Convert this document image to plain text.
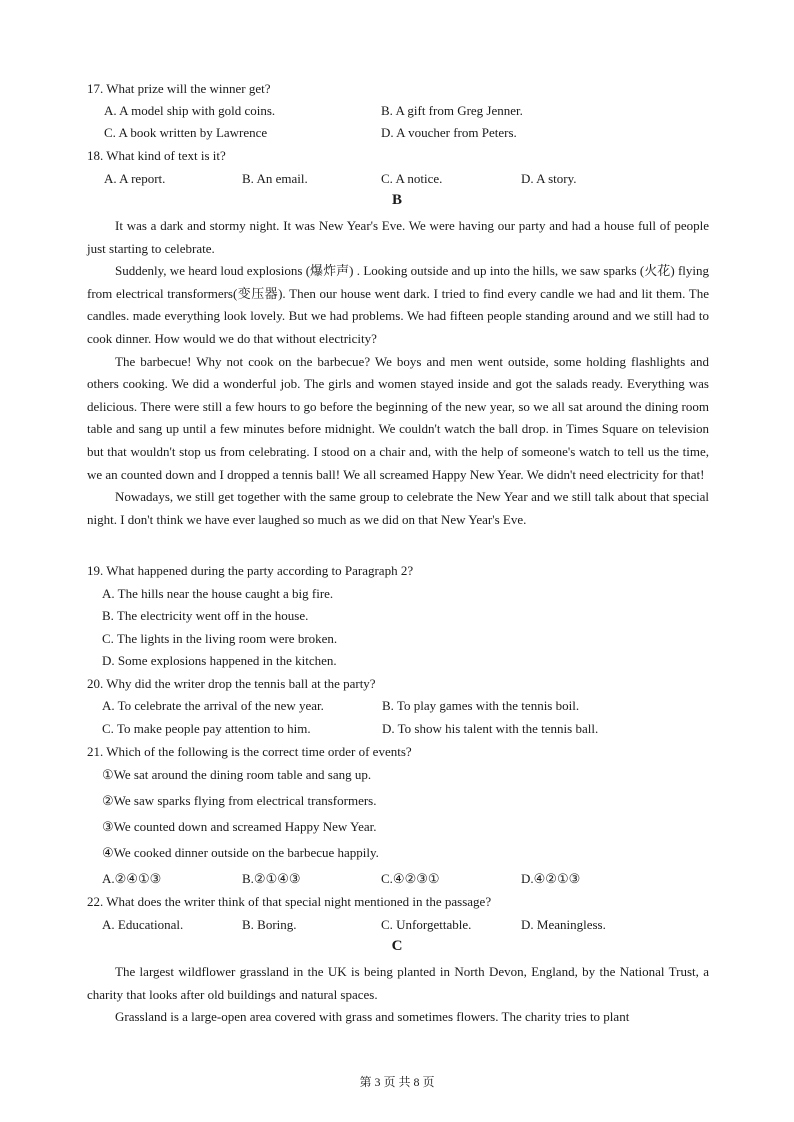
17. What prize will the winner get?
A. A model ship with gold coins.	B. A gift from Greg Jenner.
C. A book written by Lawrence	D. A voucher from Peters.
18. What kind of text is it?
A. A report.	B. An email.	C. A notice.	D. A story.
B

It was a dark and stormy night. It was New Year's Eve. We were having our party and had a house full of people just starting to celebrate.

Suddenly, we heard loud explosions (爆炸声) . Looking outside and up into the hills, we saw sparks (火花) flying from electrical transformers(变压器). Then our house went dark. I tried to find every candle we had and lit them. The candles. made everything look lovely. But we had problems. We had fifteen people standing around and we still had to cook dinner. How would we do that without electricity?

The barbecue! Why not cook on the barbecue? We boys and men went outside, some holding flashlights and others cooking. We did a wonderful job. The girls and women stayed inside and got the salads ready. Everything was delicious. There were still a few hours to go before the beginning of the new year, so we all sat around the dining room table and sang up until a few minutes before midnight. We couldn't watch the ball drop. in Times Square on television but that wouldn't stop us from celebrating. I stood on a chair and, with the help of someone's watch to tell us the time, we an counted down and I dropped a tennis ball! We all screamed Happy New Year. We didn't need electricity for that!

Nowadays, we still get together with the same group to celebrate the New Year and we still talk about that special night. I don't think we have ever laughed so much as we did on that New Year's Eve.

19. What happened during the party according to Paragraph 2?
A. The hills near the house caught a big fire.
B. The electricity went off in the house.
C. The lights in the living room were broken.
D. Some explosions happened in the kitchen.
20. Why did the writer drop the tennis ball at the party?
A. To celebrate the arrival of the new year.	B. To play games with the tennis boil.
C. To make people pay attention to him.	D. To show his talent with the tennis ball.
21. Which of the following is the correct time order of events?
①We sat around the dining room table and sang up.
②We saw sparks flying from electrical transformers.
③We counted down and screamed Happy New Year.
④We cooked dinner outside on the barbecue happily.
A.②④①③	B.②①④③	C.④②③①	D.④②①③
22. What does the writer think of that special night mentioned in the passage?
A. Educational.	B. Boring.	C. Unforgettable.	D. Meaningless.
C

The largest wildflower grassland in the UK is being planted in North Devon, England, by the National Trust, a charity that looks after old buildings and natural spaces.

Grassland is a large-open area covered with grass and sometimes flowers. The charity tries to plant

第 3 页 共 8 页
